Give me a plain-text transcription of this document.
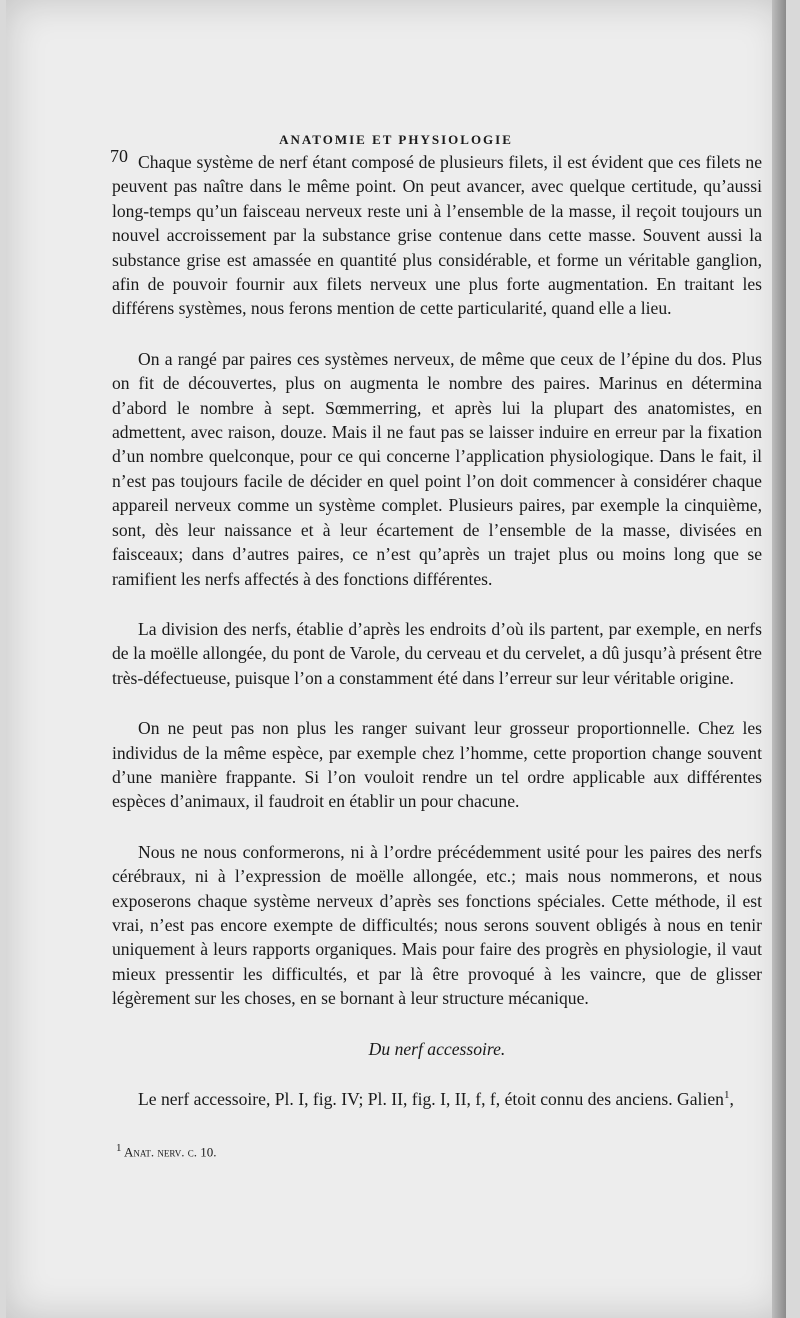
70
ANATOMIE ET PHYSIOLOGIE

Chaque système de nerf étant composé de plusieurs filets, il est évident que ces filets ne peuvent pas naître dans le même point. On peut avancer, avec quelque certitude, qu’aussi long-temps qu’un faisceau nerveux reste uni à l’ensemble de la masse, il reçoit toujours un nouvel accroissement par la substance grise contenue dans cette masse. Souvent aussi la substance grise est amassée en quantité plus considérable, et forme un véritable ganglion, afin de pouvoir fournir aux filets nerveux une plus forte augmentation. En traitant les différens systèmes, nous ferons mention de cette particularité, quand elle a lieu.

On a rangé par paires ces systèmes nerveux, de même que ceux de l’épine du dos. Plus on fit de découvertes, plus on augmenta le nombre des paires. Marinus en détermina d’abord le nombre à sept. Sœmmerring, et après lui la plupart des anatomistes, en admettent, avec raison, douze. Mais il ne faut pas se laisser induire en erreur par la fixation d’un nombre quelconque, pour ce qui concerne l’application physiologique. Dans le fait, il n’est pas toujours facile de décider en quel point l’on doit commencer à considérer chaque appareil nerveux comme un système complet. Plusieurs paires, par exemple la cinquième, sont, dès leur naissance et à leur écartement de l’ensemble de la masse, divisées en faisceaux; dans d’autres paires, ce n’est qu’après un trajet plus ou moins long que se ramifient les nerfs affectés à des fonctions différentes.

La division des nerfs, établie d’après les endroits d’où ils partent, par exemple, en nerfs de la moëlle allongée, du pont de Varole, du cerveau et du cervelet, a dû jusqu’à présent être très-défectueuse, puisque l’on a constamment été dans l’erreur sur leur véritable origine.

On ne peut pas non plus les ranger suivant leur grosseur proportionnelle. Chez les individus de la même espèce, par exemple chez l’homme, cette proportion change souvent d’une manière frappante. Si l’on vouloit rendre un tel ordre applicable aux différentes espèces d’animaux, il faudroit en établir un pour chacune.

Nous ne nous conformerons, ni à l’ordre précédemment usité pour les paires des nerfs cérébraux, ni à l’expression de moëlle allongée, etc.; mais nous nommerons, et nous exposerons chaque système nerveux d’après ses fonctions spéciales. Cette méthode, il est vrai, n’est pas encore exempte de difficultés; nous serons souvent obligés à nous en tenir uniquement à leurs rapports organiques. Mais pour faire des progrès en physiologie, il vaut mieux pressentir les difficultés, et par là être provoqué à les vaincre, que de glisser légèrement sur les choses, en se bornant à leur structure mécanique.

Du nerf accessoire.

Le nerf accessoire, Pl. I, fig. IV; Pl. II, fig. I, II, f, f, étoit connu des anciens. Galien$^1$,

$^1$ Anat. nerv. c. 10.
